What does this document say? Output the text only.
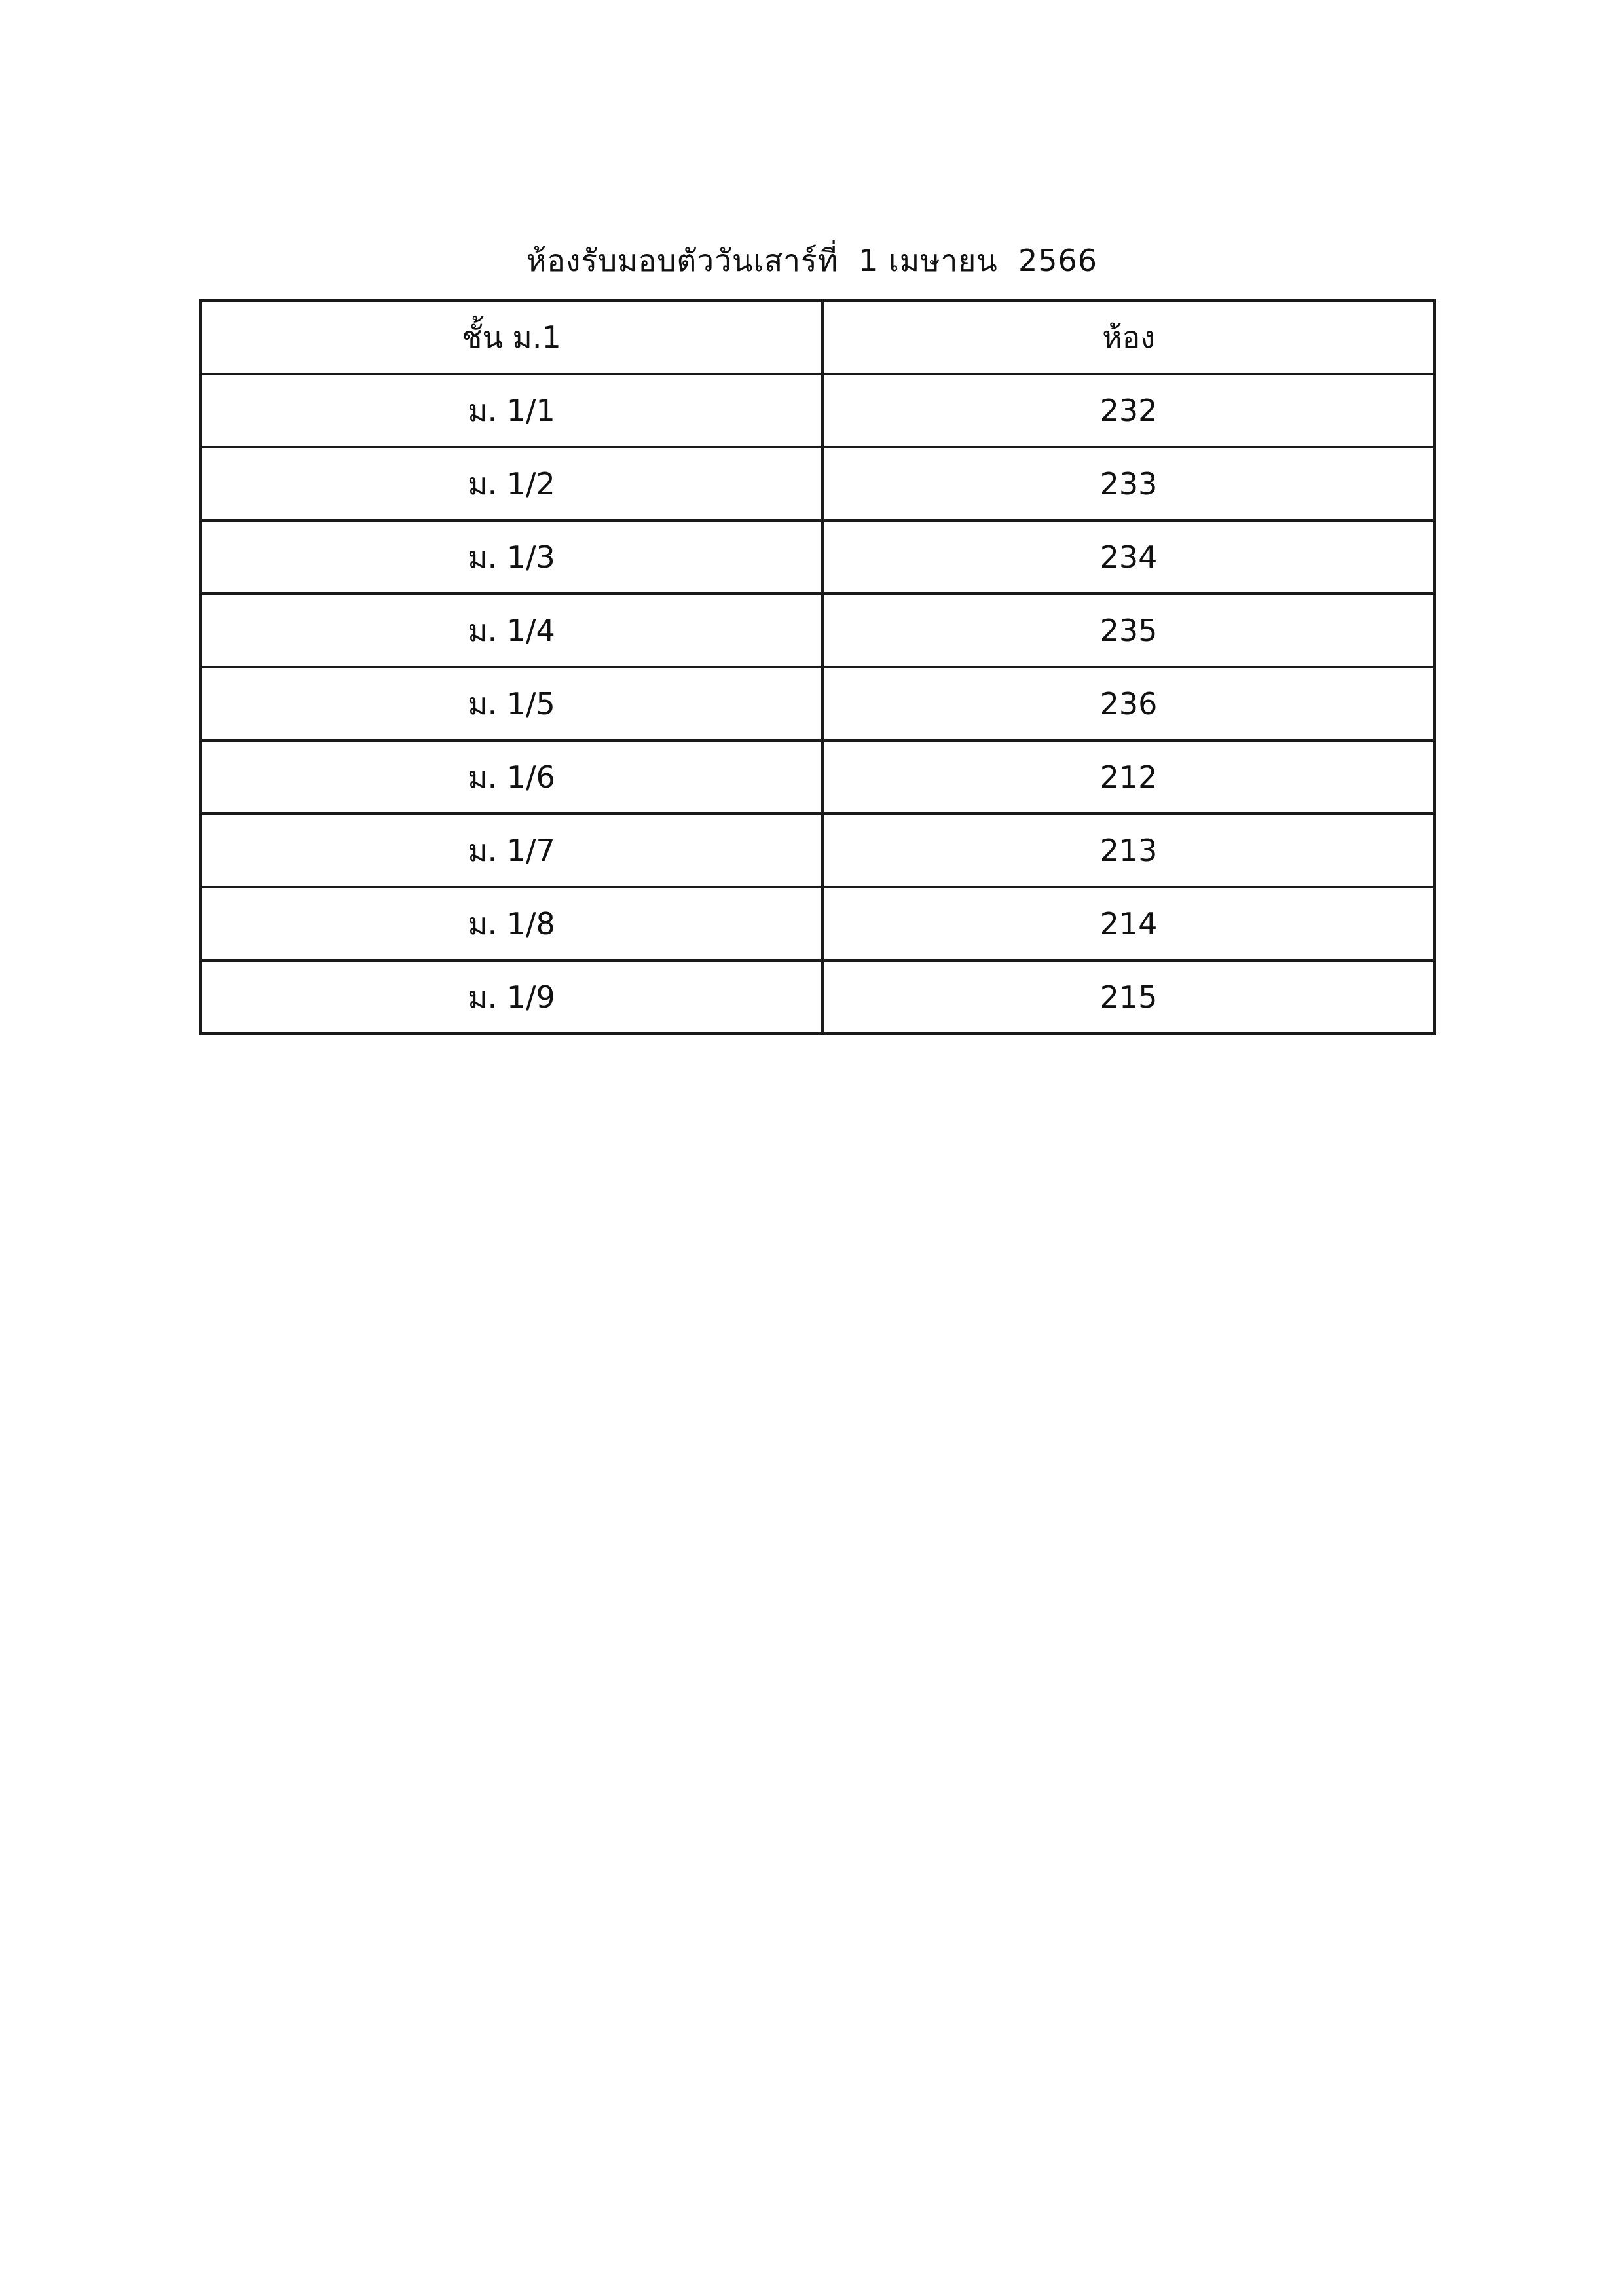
ห้องรับมอบตัววันเสาร์ที่  1 เมษายน  2566
ชั้น ม.1	ห้อง
ม. 1/1	232
ม. 1/2	233
ม. 1/3	234
ม. 1/4	235
ม. 1/5	236
ม. 1/6	212
ม. 1/7	213
ม. 1/8	214
ม. 1/9	215
